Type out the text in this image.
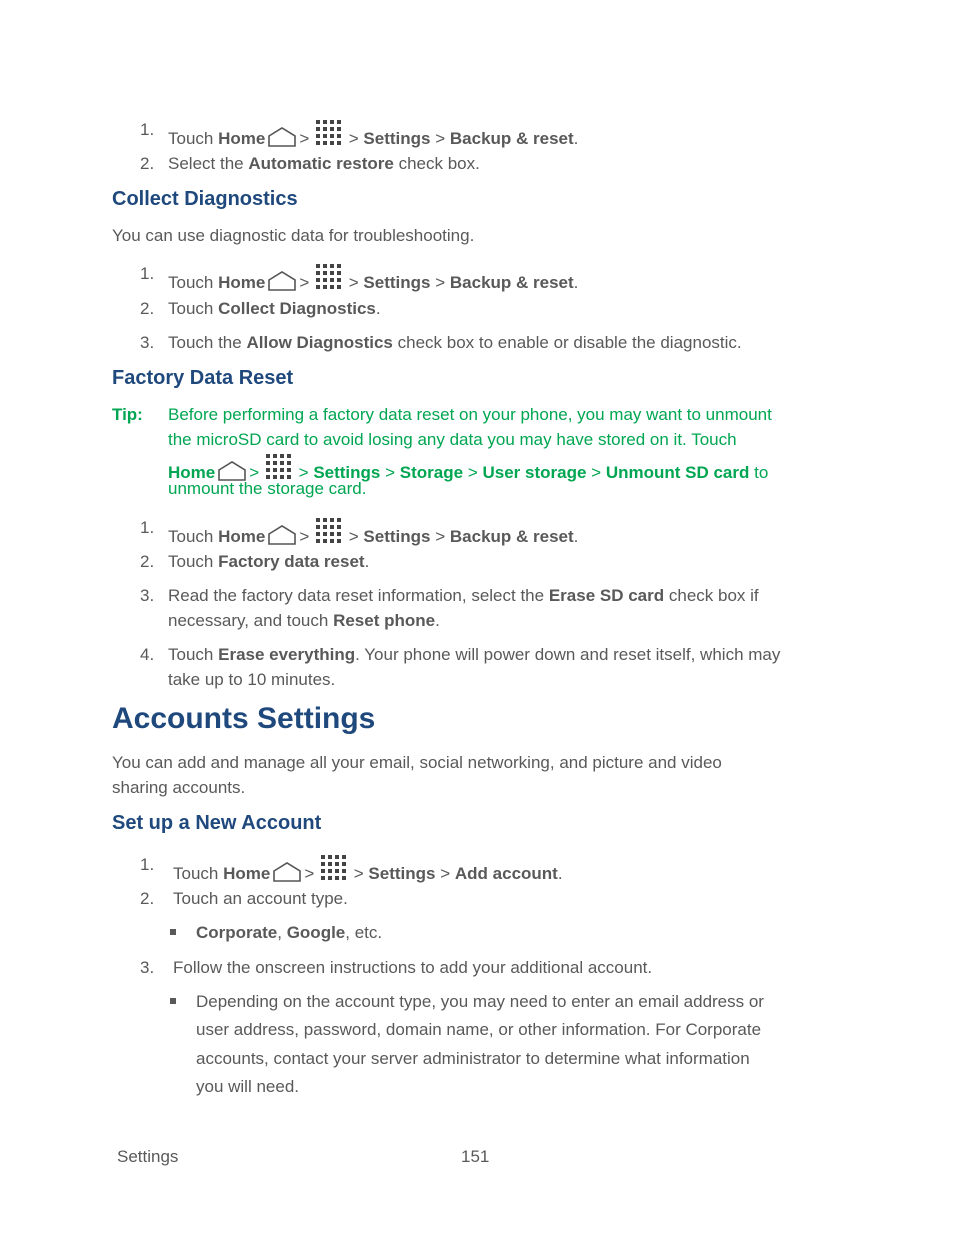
1. Touch Home > > Settings > Backup & reset.
2. Select the Automatic restore check box.
Collect Diagnostics
You can use diagnostic data for troubleshooting.
1. Touch Home > > Settings > Backup & reset.
2. Touch Collect Diagnostics.
3. Touch the Allow Diagnostics check box to enable or disable the diagnostic.
Factory Data Reset
Tip: Before performing a factory data reset on your phone, you may want to unmount
the microSD card to avoid losing any data you may have stored on it. Touch
Home > > Settings > Storage > User storage > Unmount SD card to
unmount the storage card.
1. Touch Home > > Settings > Backup & reset.
2. Touch Factory data reset.
3. Read the factory data reset information, select the Erase SD card check box if
necessary, and touch Reset phone.
4. Touch Erase everything. Your phone will power down and reset itself, which may
take up to 10 minutes.
Accounts Settings
You can add and manage all your email, social networking, and picture and video
sharing accounts.
Set up a New Account
1. Touch Home > > Settings > Add account.
2. Touch an account type.
Corporate, Google, etc.
3. Follow the onscreen instructions to add your additional account.
Depending on the account type, you may need to enter an email address or
user address, password, domain name, or other information. For Corporate
accounts, contact your server administrator to determine what information
you will need.
Settings	151
